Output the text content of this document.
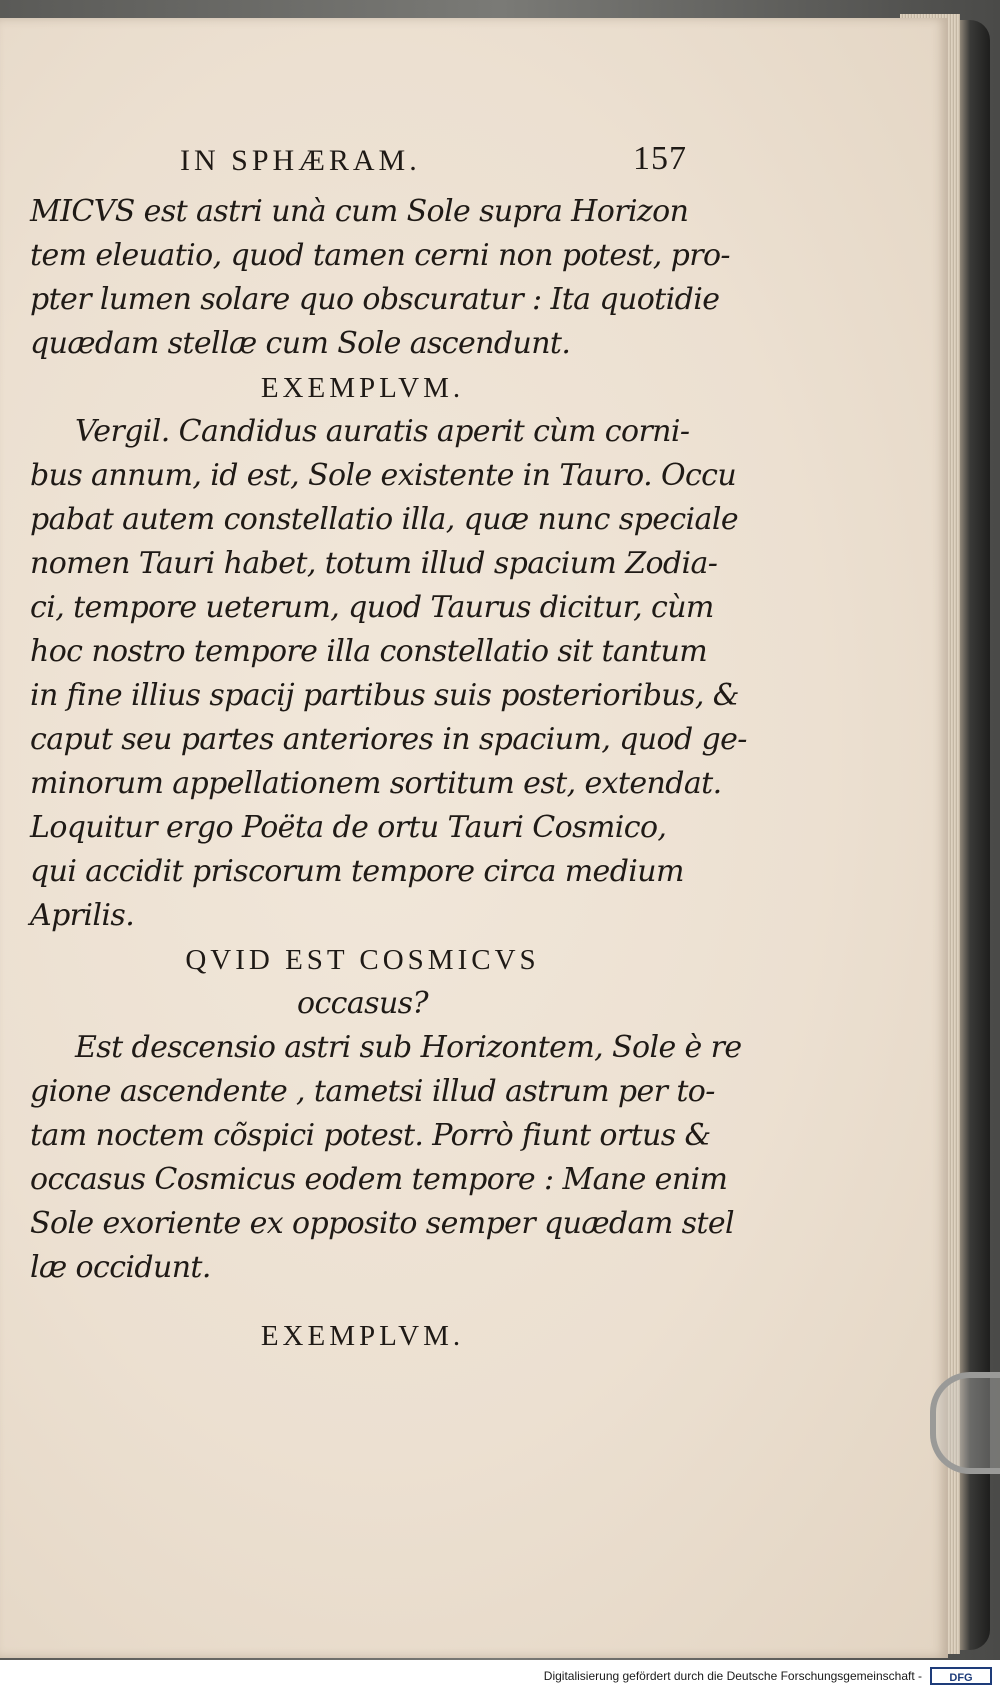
IN SPHÆRAM.	157
MICVS est astri unà cum Sole supra Horizon
tem eleuatio, quod tamen cerni non potest, pro-
pter lumen solare quo obscuratur : Ita quotidie
quædam stellæ cum Sole ascendunt.
EXEMPLVM.
Vergil. Candidus auratis aperit cùm corni-
bus annum, id est, Sole existente in Tauro. Occu
pabat autem constellatio illa, quæ nunc speciale
nomen Tauri habet, totum illud spacium Zodia-
ci, tempore ueterum, quod Taurus dicitur, cùm
hoc nostro tempore illa constellatio sit tantum
in fine illius spacij partibus suis posterioribus, &
caput seu partes anteriores in spacium, quod ge-
minorum appellationem sortitum est, extendat.
Loquitur ergo Poëta de ortu Tauri Cosmico,
qui accidit priscorum tempore circa medium
Aprilis.
QVID EST COSMICVS
occasus?
Est descensio astri sub Horizontem, Sole è re
gione ascendente , tametsi illud astrum per to-
tam noctem cõspici potest. Porrò fiunt ortus &
occasus Cosmicus eodem tempore : Mane enim
Sole exoriente ex opposito semper quædam stel
læ occidunt.
EXEMPLVM.
Digitalisierung gefördert durch die Deutsche Forschungsgemeinschaft -	DFG
